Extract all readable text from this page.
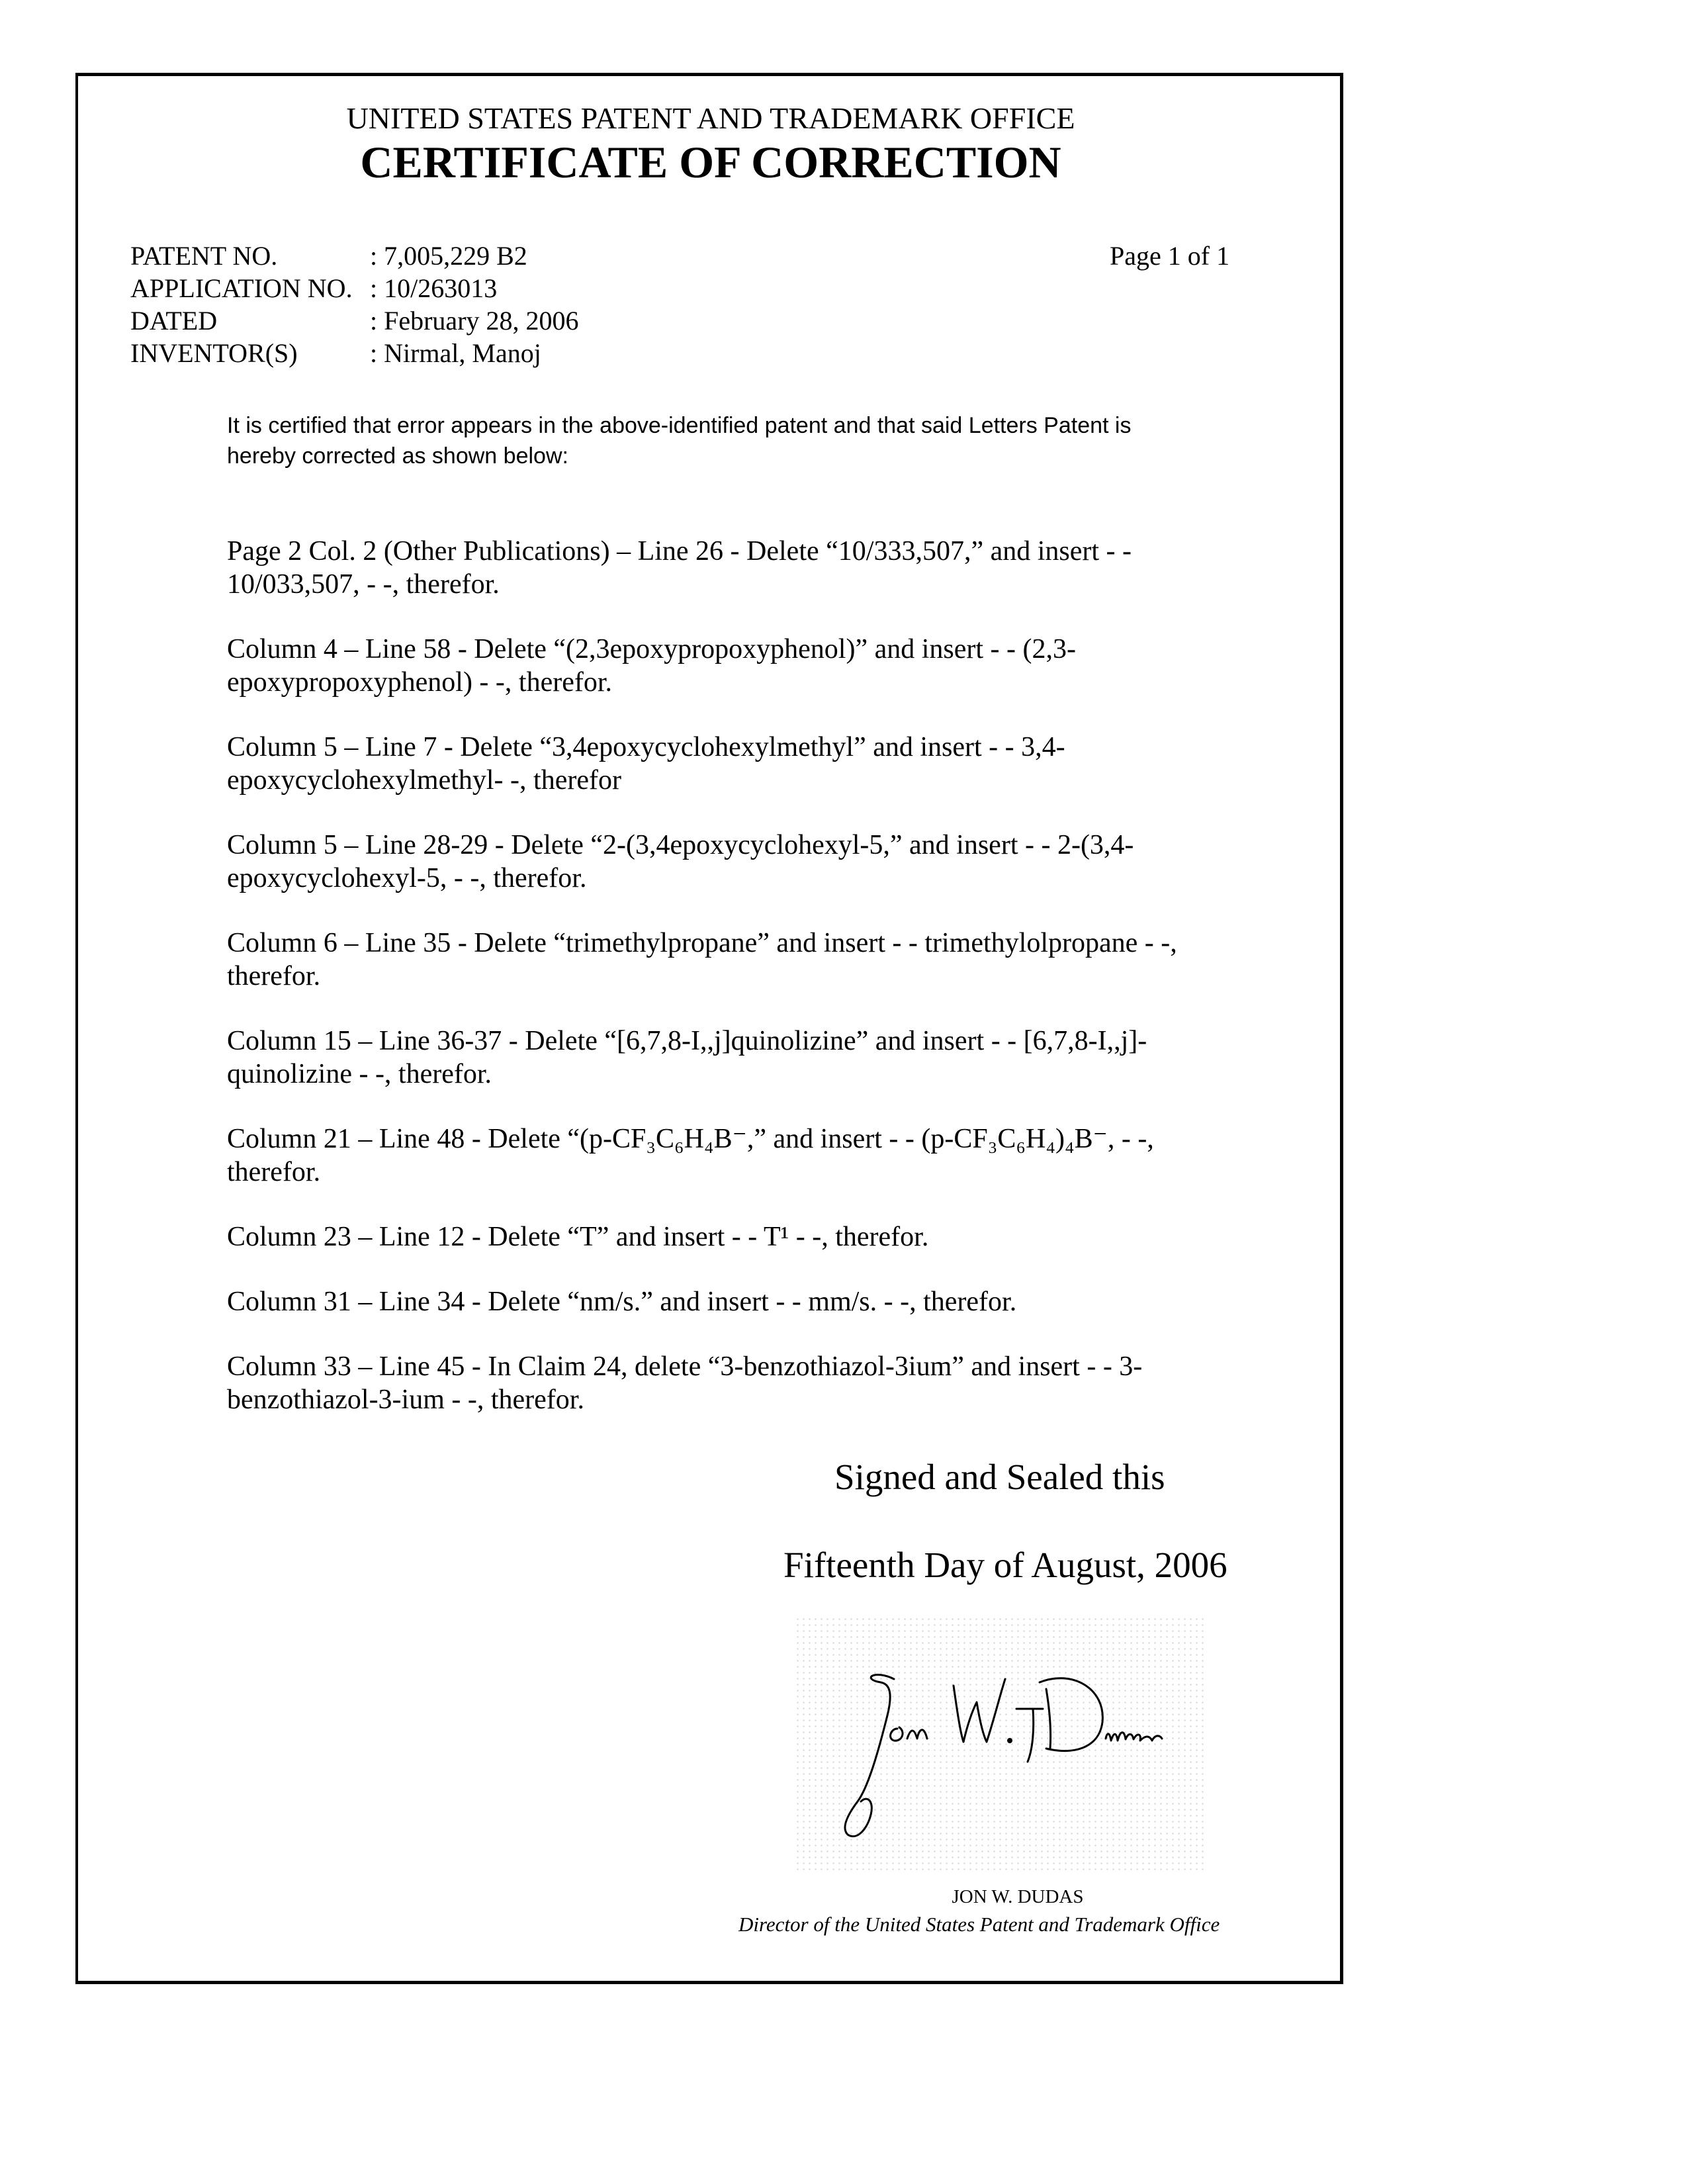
UNITED STATES PATENT AND TRADEMARK OFFICE
CERTIFICATE OF CORRECTION
PATENT NO.	: 7,005,229 B2
APPLICATION NO. : 10/263013
DATED	: February 28, 2006
INVENTOR(S)	: Nirmal, Manoj
Page 1 of 1
It is certified that error appears in the above-identified patent and that said Letters Patent is
hereby corrected as shown below:
Page 2 Col. 2 (Other Publications) – Line 26 - Delete “10/333,507,” and insert - -
10/033,507, - -, therefor.
Column 4 – Line 58 - Delete “(2,3epoxypropoxyphenol)” and insert - - (2,3-
epoxypropoxyphenol) - -, therefor.
Column 5 – Line 7 - Delete “3,4epoxycyclohexylmethyl” and insert - - 3,4-
epoxycyclohexylmethyl- -, therefor
Column 5 – Line 28-29 - Delete “2-(3,4epoxycyclohexyl-5,” and insert - - 2-(3,4-
epoxycyclohexyl-5, - -, therefor.
Column 6 – Line 35 - Delete “trimethylpropane” and insert - - trimethylolpropane - -,
therefor.
Column 15 – Line 36-37 - Delete “[6,7,8-I,,j]quinolizine” and insert - - [6,7,8-I,,j]-
quinolizine - -, therefor.
Column 21 – Line 48 - Delete “(p-CF₃C₆H₄B⁻,” and insert - - (p-CF₃C₆H₄)₄B⁻, - -,
therefor.
Column 23 – Line 12 - Delete “T” and insert - - T¹ - -, therefor.
Column 31 – Line 34 - Delete “nm/s.” and insert - - mm/s. - -, therefor.
Column 33 – Line 45 - In Claim 24, delete “3-benzothiazol-3ium” and insert - - 3-
benzothiazol-3-ium - -, therefor.
Signed and Sealed this
Fifteenth Day of August, 2006
JON W. DUDAS
Director of the United States Patent and Trademark Office
